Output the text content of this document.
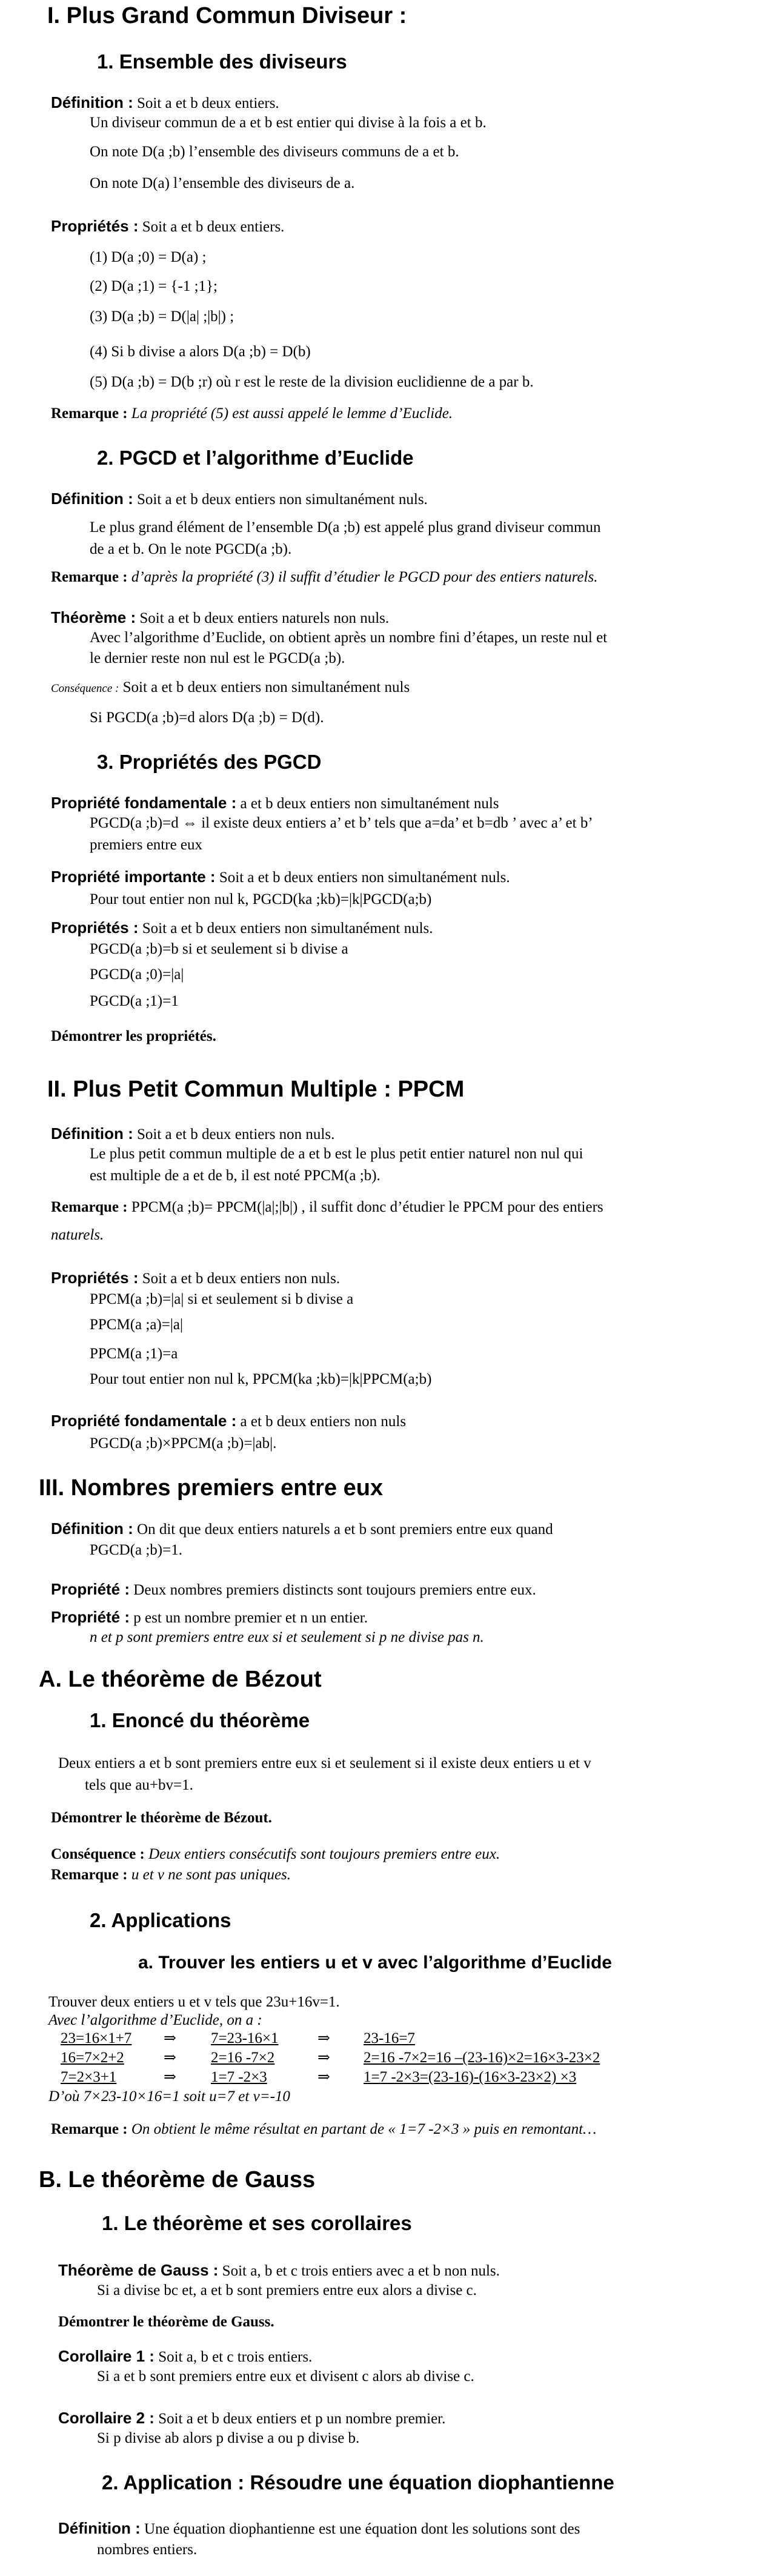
I. Plus Grand Commun Diviseur :
1. Ensemble des diviseurs
Définition : Soit a et b deux entiers.
Un diviseur commun de a et b est entier qui divise à la fois a et b.
On note D(a ;b) l’ensemble des diviseurs communs de a et b.
On note D(a) l’ensemble des diviseurs de a.
Propriétés : Soit a et b deux entiers.
(1) D(a ;0) = D(a) ;
(2) D(a ;1) = {-1 ;1};
(3) D(a ;b) = D(|a| ;|b|) ;
(4) Si b divise a alors D(a ;b) = D(b)
(5) D(a ;b) = D(b ;r) où r est le reste de la division euclidienne de a par b.
Remarque : La propriété (5) est aussi appelé le lemme d’Euclide.
2. PGCD et l’algorithme d’Euclide
Définition : Soit a et b deux entiers non simultanément nuls.
Le plus grand élément de l’ensemble D(a ;b) est appelé plus grand diviseur commun
de a et b. On le note PGCD(a ;b).
Remarque : d’après la propriété (3) il suffit d’étudier le PGCD pour des entiers naturels.
Théorème : Soit a et b deux entiers naturels non nuls.
Avec l’algorithme d’Euclide, on obtient après un nombre fini d’étapes, un reste nul et
le dernier reste non nul est le PGCD(a ;b).
Conséquence : Soit a et b deux entiers non simultanément nuls
Si PGCD(a ;b)=d alors D(a ;b) = D(d).
3. Propriétés des PGCD
Propriété fondamentale : a et b deux entiers non simultanément nuls
PGCD(a ;b)=d ⇔ il existe deux entiers a’ et b’ tels que a=da’ et b=db ’ avec a’ et b’
premiers entre eux
Propriété importante : Soit a et b deux entiers non simultanément nuls.
Pour tout entier non nul k, PGCD(ka ;kb)=|k|PGCD(a;b)
Propriétés : Soit a et b deux entiers non simultanément nuls.
PGCD(a ;b)=b si et seulement si b divise a
PGCD(a ;0)=|a|
PGCD(a ;1)=1
Démontrer les propriétés.
II. Plus Petit Commun Multiple : PPCM
Définition : Soit a et b deux entiers non nuls.
Le plus petit commun multiple de a et b est le plus petit entier naturel non nul qui
est multiple de a et de b, il est noté PPCM(a ;b).
Remarque : PPCM(a ;b)= PPCM(|a|;|b|) , il suffit donc d’étudier le PPCM pour des entiers
naturels.
Propriétés : Soit a et b deux entiers non nuls.
PPCM(a ;b)=|a| si et seulement si b divise a
PPCM(a ;a)=|a|
PPCM(a ;1)=a
Pour tout entier non nul k, PPCM(ka ;kb)=|k|PPCM(a;b)
Propriété fondamentale : a et b deux entiers non nuls
PGCD(a ;b)×PPCM(a ;b)=|ab|.
III. Nombres premiers entre eux
Définition : On dit que deux entiers naturels a et b sont premiers entre eux quand
PGCD(a ;b)=1.
Propriété : Deux nombres premiers distincts sont toujours premiers entre eux.
Propriété : p est un nombre premier et n un entier.
n et p sont premiers entre eux si et seulement si p ne divise pas n.
A. Le théorème de Bézout
1. Enoncé du théorème
Deux entiers a et b sont premiers entre eux si et seulement si il existe deux entiers u et v
tels que au+bv=1.
Démontrer le théorème de Bézout.
Conséquence : Deux entiers consécutifs sont toujours premiers entre eux.
Remarque : u et v ne sont pas uniques.
2. Applications
a. Trouver les entiers u et v avec l’algorithme d’Euclide
Trouver deux entiers u et v tels que 23u+16v=1.
Avec l’algorithme d’Euclide, on a :
23=16×1+7 ⇒ 7=23-16×1	⇒ 23-16=7
16=7×2+2	⇒ 2=16 -7×2	⇒ 2=16 -7×2=16 –(23-16)×2=16×3-23×2
7=2×3+1	⇒ 1=7 -2×3	⇒ 1=7 -2×3=(23-16)-(16×3-23×2) ×3
D’où 7×23-10×16=1 soit u=7 et v=-10
Remarque : On obtient le même résultat en partant de « 1=7 -2×3 » puis en remontant…
B. Le théorème de Gauss
1. Le théorème et ses corollaires
Théorème de Gauss : Soit a, b et c trois entiers avec a et b non nuls.
Si a divise bc et, a et b sont premiers entre eux alors a divise c.
Démontrer le théorème de Gauss.
Corollaire 1 : Soit a, b et c trois entiers.
Si a et b sont premiers entre eux et divisent c alors ab divise c.
Corollaire 2 : Soit a et b deux entiers et p un nombre premier.
Si p divise ab alors p divise a ou p divise b.
2. Application : Résoudre une équation diophantienne
Définition : Une équation diophantienne est une équation dont les solutions sont des
nombres entiers.
